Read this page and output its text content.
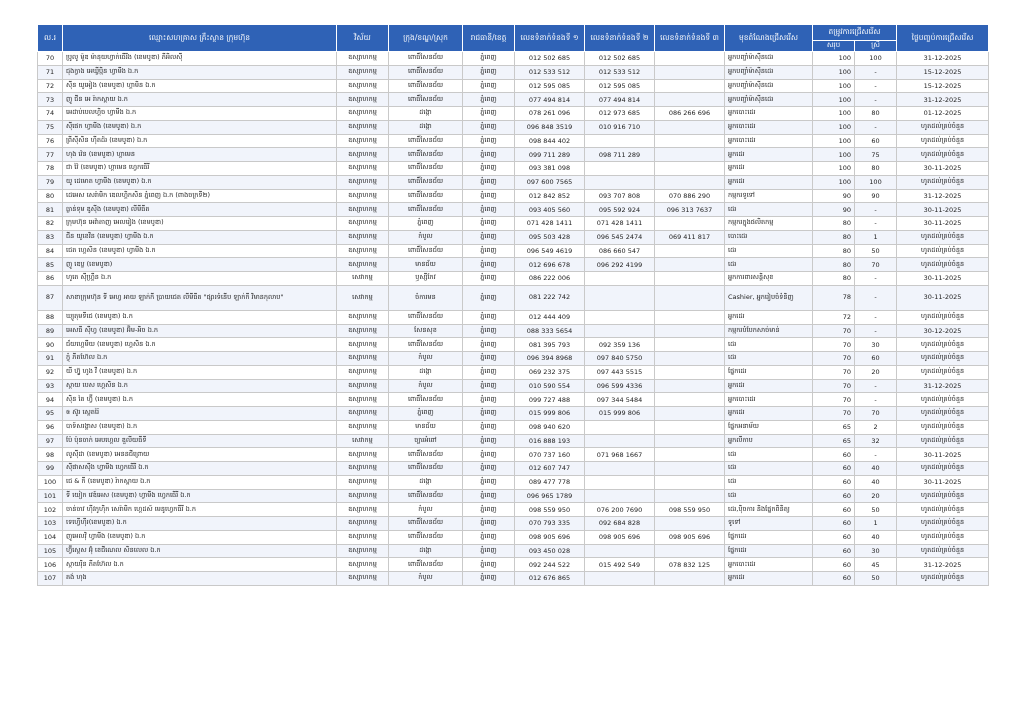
ល.រ	ឈ្មោះសហគ្រាស គ្រឹះស្ថាន ក្រុមហ៊ុន	វិស័យ	ក្រុង/ខណ្ឌ/ស្រុក	រាជធានី/ខេត្ត	លេខទំនាក់ទំនងទី ១	លេខទំនាក់ទំនងទី ២	លេខទំនាក់ទំនងទី ៣	មុខតំណែងជ្រើសរើស	តម្រូវការជ្រើសរើស		ថ្ងៃបញ្ចប់ការជ្រើសរើស
									សរុប	ស្រី	
70	ប្រូលូ ម៉ូឌ ម៉ានុយហ្វាក់ធើរីង (ខេមបូឌា) ភីអិលស៊ី	ឧស្សាហកម្ម	ពោធិ៍សែនជ័យ	ភ្នំពេញ	012 502 685	012 502 685		អ្នកបញ្ចាំម៉ាស៊ីនដេរ	100	100	31-12-2025
71	ជុងក្វាង អេឃ្វីប្មិន ហ្វាមីង ឯ.ក	ឧស្សាហកម្ម	ពោធិ៍សែនជ័យ	ភ្នំពេញ	012 533 512	012 533 512		អ្នកបញ្ចាំម៉ាស៊ីនដេរ	100	-	15-12-2025
72	ស៊ីន យូអៀង (ខេមបូឌា) ហ្គាមិន ឯ.ក	ឧស្សាហកម្ម	ពោធិ៍សែនជ័យ	ភ្នំពេញ	012 595 085	012 595 085		អ្នកបញ្ចាំម៉ាស៊ីនដេរ	100	-	15-12-2025
73	ញូ ជីន អេ រ៉ាកស្ពាយ ឯ.ក	ឧស្សាហកម្ម	ពោធិ៍សែនជ័យ	ភ្នំពេញ	077 494 814	077 494 814		អ្នកបញ្ចាំម៉ាស៊ីនដេរ	100	-	31-12-2025
74	អេដាប់បេលហ្គិច ហ្វាមីង ឯ.ក	ឧស្សាហកម្ម	ដង្កោ	ភ្នំពេញ	078 261 096	012 973 685	086 266 696	អ្នកបោះដេរ	100	80	01-12-2025
75	ស៊ីផេក ហ្វាមីង (ខេមបូឌា) ឯ.ក	ឧស្សាហកម្ម	ដង្កោ	ភ្នំពេញ	096 848 3519	010 916 710		អ្នកបោះដេរ	100	-	ហូតដល់គ្រប់ចំនួន
76	ព្រីស៊ីសិន ហ៊ីតដ៍រ (ខេមបូឌា) ឯ.ក	ឧស្សាហកម្ម	ពោធិ៍សែនជ័យ	ភ្នំពេញ	098 844 402			អ្នកបោះដេរ	100	60	ហូតដល់គ្រប់ចំនួន
77	ហុង វ៉េន (ខេមបូឌា) ហ្គាមេន	ឧស្សាហកម្ម	ពោធិ៍សែនជ័យ	ភ្នំពេញ	099 711 289	098 711 289		អ្នកដេរ	100	75	ហូតដល់គ្រប់ចំនួន
78	ជា វ៉ៃ (ខេមបូឌា) ហ្គាមេន ហ្វេកធើរី	ឧស្សាហកម្ម	ពោធិ៍សែនជ័យ	ភ្នំពេញ	093 381 098			អ្នកដេរ	100	80	30-11-2025
79	យូ ដេមោត ហ្វាមីង (ខេមបូឌា) ឯ.ក	ឧស្សាហកម្ម	ពោធិ៍សែនជ័យ	ភ្នំពេញ	097 600 7565			អ្នកដេរ	100	100	ហូតដល់គ្រប់ចំនួន
80	ដេអេស សេរ៉ាមិក ឌេលហ្គិកសិន ភ្នំពេញ ឯ.ក (ពាងចក្រទី២)	ឧស្សាហកម្ម	ពោធិ៍សែនជ័យ	ភ្នំពេញ	012 842 852	093 707 808	070 886 290	កម្មករទូទៅ	90	90	31-12-2025
81	ធ្លាន់ទុម ឌូស៊ីង (ខេមបូឌា) លីមីធីត	ឧស្សាហកម្ម	ពោធិ៍សែនជ័យ	ភ្នំពេញ	093 405 560	095 592 924	096 313 7637	ដេរ	90	-	30-11-2025
82	ក្រុមហ៊ុន អេវ៉ាតាញ អេលរៀង (ខេមបូឌា)	ឧស្សាហកម្ម	ភ្នំពេញ	ភ្នំពេញ	071 428 1411	071 428 1411		កម្មករក្នុងផលិតកម្ម	80	-	30-11-2025
83	ជីន យូខេវិន (ខេមបូឌា) ហ្វាមីង ឯ.ក	ឧស្សាហកម្ម	កំបូល	ភ្នំពេញ	095 503 428	096 545 2474	069 411 817	បោះដេរ	80	1	ហូតដល់គ្រប់ចំនួន
84	ជេត ហ្គេសិន (ខេមបូឌា) ហ្វាមីង ឯ.ក	ឧស្សាហកម្ម	ពោធិ៍សែនជ័យ	ភ្នំពេញ	096 549 4619	086 660 547		ដេរ	80	50	ហូតដល់គ្រប់ចំនួន
85	ញូ ឌេប្ល (ខេមបូឌា)	ឧស្សាហកម្ម	មានជ័យ	ភ្នំពេញ	012 696 678	096 292 4199		ដេរ	80	70	ហូតដល់គ្រប់ចំនួន
86	ហូតេ ស៊ីហ្គ្រីន ឯ.ក	សេវាកម្ម	ឫស្សីកែវ	ភ្នំពេញ	086 222 006			អ្នកការពារសន្តិសុខ	80	-	30-11-2025
87	សាខាក្រុមហ៊ុន ទី អេហ្វ អាយ ឡាក់កី ប្រាយជេត លីមីធីត "ផ្សារទំនើប ឡាក់កី វិមានកុលាប"	សេវាកម្ម	ចំការមន	ភ្នំពេញ	081 222 742			Cashier, អ្នករៀបចំទំនិញ	78	-	30-11-2025
88	ឃ្យូតុមទីជេ (ខេមបូឌា) ឯ.ក	ឧស្សាហកម្ម	ពោធិ៍សែនជ័យ	ភ្នំពេញ	012 444 409			អ្នកដេរ	72	-	ហូតដល់គ្រប់ចំនួន
89	អេសធី ស៊ីហ្វ (ខេមបូឌា) អ៊ិម-អិច ឯ.ក	ឧស្សាហកម្ម	សែនសុខ	ភ្នំពេញ	088 333 5654			កម្មករបំបែកសាច់មាន់	70	-	30-12-2025
90	ជ័យហ្គេមីយ (ខេមបូឌា) ហ្គេសិន ឯ.ក	ឧស្សាហកម្ម	ពោធិ៍សែនជ័យ	ភ្នំពេញ	081 395 793	092 359 136		ដេរ	70	30	ហូតដល់គ្រប់ចំនួន
91	ក្វុំ ភីតហ៊ែល ឯ.ក	ឧស្សាហកម្ម	កំបូល	ភ្នំពេញ	096 394 8968	097 840 5750		ដេរ	70	60	ហូតដល់គ្រប់ចំនួន
92	យី ហ្វ៊ូ ហូង វី (ខេមបូឌា) ឯ.ក	ឧស្សាហកម្ម	ដង្កោ	ភ្នំពេញ	069 232 375	097 443 5515		ផ្នែកដេរ	70	20	ហូតដល់គ្រប់ចំនួន
93	ស្តាយ បេស ហ្គេសិន ឯ.ក	ឧស្សាហកម្ម	កំបូល	ភ្នំពេញ	010 590 554	096 599 4336		អ្នកដេរ	70	-	31-12-2025
94	ស៊ិន តៃ ហ្វ៊ី (ខេមបូឌា) ឯ.ក	ឧស្សាហកម្ម	ពោធិ៍សែនជ័យ	ភ្នំពេញ	099 727 488	097 344 5484		អ្នកបោះដេរ	70	-	ហូតដល់គ្រប់ចំនួន
95	ឲ ស៊ូរ ស្តេតរ៉ៃ	ឧស្សាហកម្ម	ភ្នំពេញ	ភ្នំពេញ	015 999 806	015 999 806		អ្នកដេរ	70	70	ហូតដល់គ្រប់ចំនួន
96	បាទ៍សរង្គាស (ខេមបូឌា) ឯ.ក	ឧស្សាហកម្ម	មានជ័យ	ភ្នំពេញ	098 940 620			ផ្នែកអនាម័យ	65	2	ហូតដល់គ្រប់ចំនួន
97	ប៉ែ ប៉ុនចាក់ អេបហ្គេល ឌួលីយធីទី	សេវាកម្ម	ច្បារអំពៅ	ភ្នំពេញ	016 888 193			អ្នកលីកាប	65	32	ហូតដល់គ្រប់ចំនួន
98	លូស៊ីដា (ខេមបូឌា) អេននជីព្រោយ	ឧស្សាហកម្ម	ពោធិ៍សែនជ័យ	ភ្នំពេញ	070 737 160	071 968 1667		ដេរ	60	-	30-11-2025
99	ស៊ីផាសស៊ីង ហ្វាមីង ហ្វេកធើរី ឯ.ក	ឧស្សាហកម្ម	ពោធិ៍សែនជ័យ	ភ្នំពេញ	012 607 747			ដេរ	60	40	ហូតដល់គ្រប់ចំនួន
100	ជេ & កី (ខេមបូឌា) រ៉ាកស្ពាយ ឯ.ក	ឧស្សាហកម្ម	ដង្កោ	ភ្នំពេញ	089 477 778			ដេរ	60	40	30-11-2025
101	ទី យៀក វេឌ៍អេស (ខេមបូឌា) ហ្វាមីង ហ្វេកធើរី ឯ.ក	ឧស្សាហកម្ម	ពោធិ៍សែនជ័យ	ភ្នំពេញ	096 965 1789			ដេរ	60	20	ហូតដល់គ្រប់ចំនួន
102	ចាន់ចាវ ហ៊ីវកូហ៊ិក សេរ៉ាមិក ហ្គេដស៍ មេនូហ្វេកធីរី ឯ.ក	ឧស្សាហកម្ម	កំបូល	ភ្នំពេញ	098 559 950	076 200 7690	098 559 950	ដេរ,ប៉ិចការ និងផ្នែកពិនិត្យ	60	50	ហូតដល់គ្រប់ចំនួន
103	ទេហ្វើហ៊ីរ(ខេមបូឌា) ឯ.ក	ឧស្សាហកម្ម	ពោធិ៍សែនជ័យ	ភ្នំពេញ	070 793 335	092 684 828		ទូទៅ	60	1	ហូតដល់គ្រប់ចំនួន
104	ញូអេលវ៉ិ ហ្វាមីង (ខេមបូឌា) ឯ.ក	ឧស្សាហកម្ម	ពោធិ៍សែនជ័យ	ភ្នំពេញ	098 905 696	098 905 696	098 905 696	ផ្នែកដេរ	60	40	ហូតដល់គ្រប់ចំនួន
105	ហ្វ៊ីស្គេស អ៊ុំ ខេជីណេល សិនលេល ឯ.ក	ឧស្សាហកម្ម	ដង្កោ	ភ្នំពេញ	093 450 028			ផ្នែកដេរ	60	30	ហូតដល់គ្រប់ចំនួន
106	ស្កាយរ៉ិន ភីតហ៊ែល ឯ.ក	ឧស្សាហកម្ម	ពោធិ៍សែនជ័យ	ភ្នំពេញ	092 244 522	015 492 549	078 832 125	អ្នកបោះដេរ	60	45	31-12-2025
107	គង់ ហុង	ឧស្សាហកម្ម	កំបូល	ភ្នំពេញ	012 676 865			អ្នកដេរ	60	50	ហូតដល់គ្រប់ចំនួន
